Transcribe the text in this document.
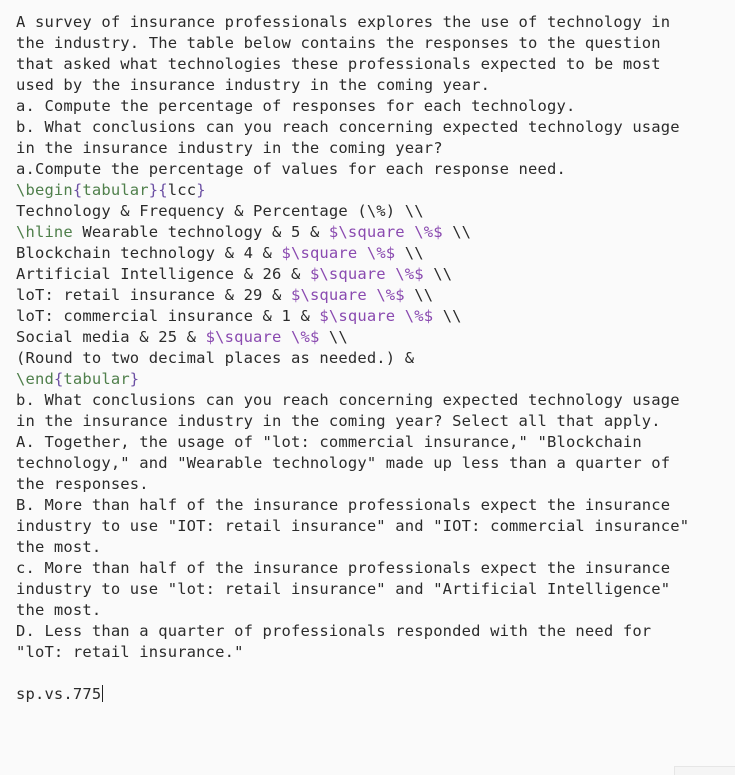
A survey of insurance professionals explores the use of technology in
the industry. The table below contains the responses to the question
that asked what technologies these professionals expected to be most
used by the insurance industry in the coming year.
a. Compute the percentage of responses for each technology.
b. What conclusions can you reach concerning expected technology usage
in the insurance industry in the coming year?
a.Compute the percentage of values for each response need.
\begin{tabular}{lcc}
Technology & Frequency & Percentage (\%) \\
\hline Wearable technology & 5 & $\square \%$ \\
Blockchain technology & 4 & $\square \%$ \\
Artificial Intelligence & 26 & $\square \%$ \\
loT: retail insurance & 29 & $\square \%$ \\
loT: commercial insurance & 1 & $\square \%$ \\
Social media & 25 & $\square \%$ \\
(Round to two decimal places as needed.) &
\end{tabular}
b. What conclusions can you reach concerning expected technology usage
in the insurance industry in the coming year? Select all that apply.
A. Together, the usage of "lot: commercial insurance," "Blockchain
technology," and "Wearable technology" made up less than a quarter of
the responses.
B. More than half of the insurance professionals expect the insurance
industry to use "IOT: retail insurance" and "IOT: commercial insurance"
the most.
c. More than half of the insurance professionals expect the insurance
industry to use "lot: retail insurance" and "Artificial Intelligence"
the most.
D. Less than a quarter of professionals responded with the need for
"loT: retail insurance."
sp.vs.775
